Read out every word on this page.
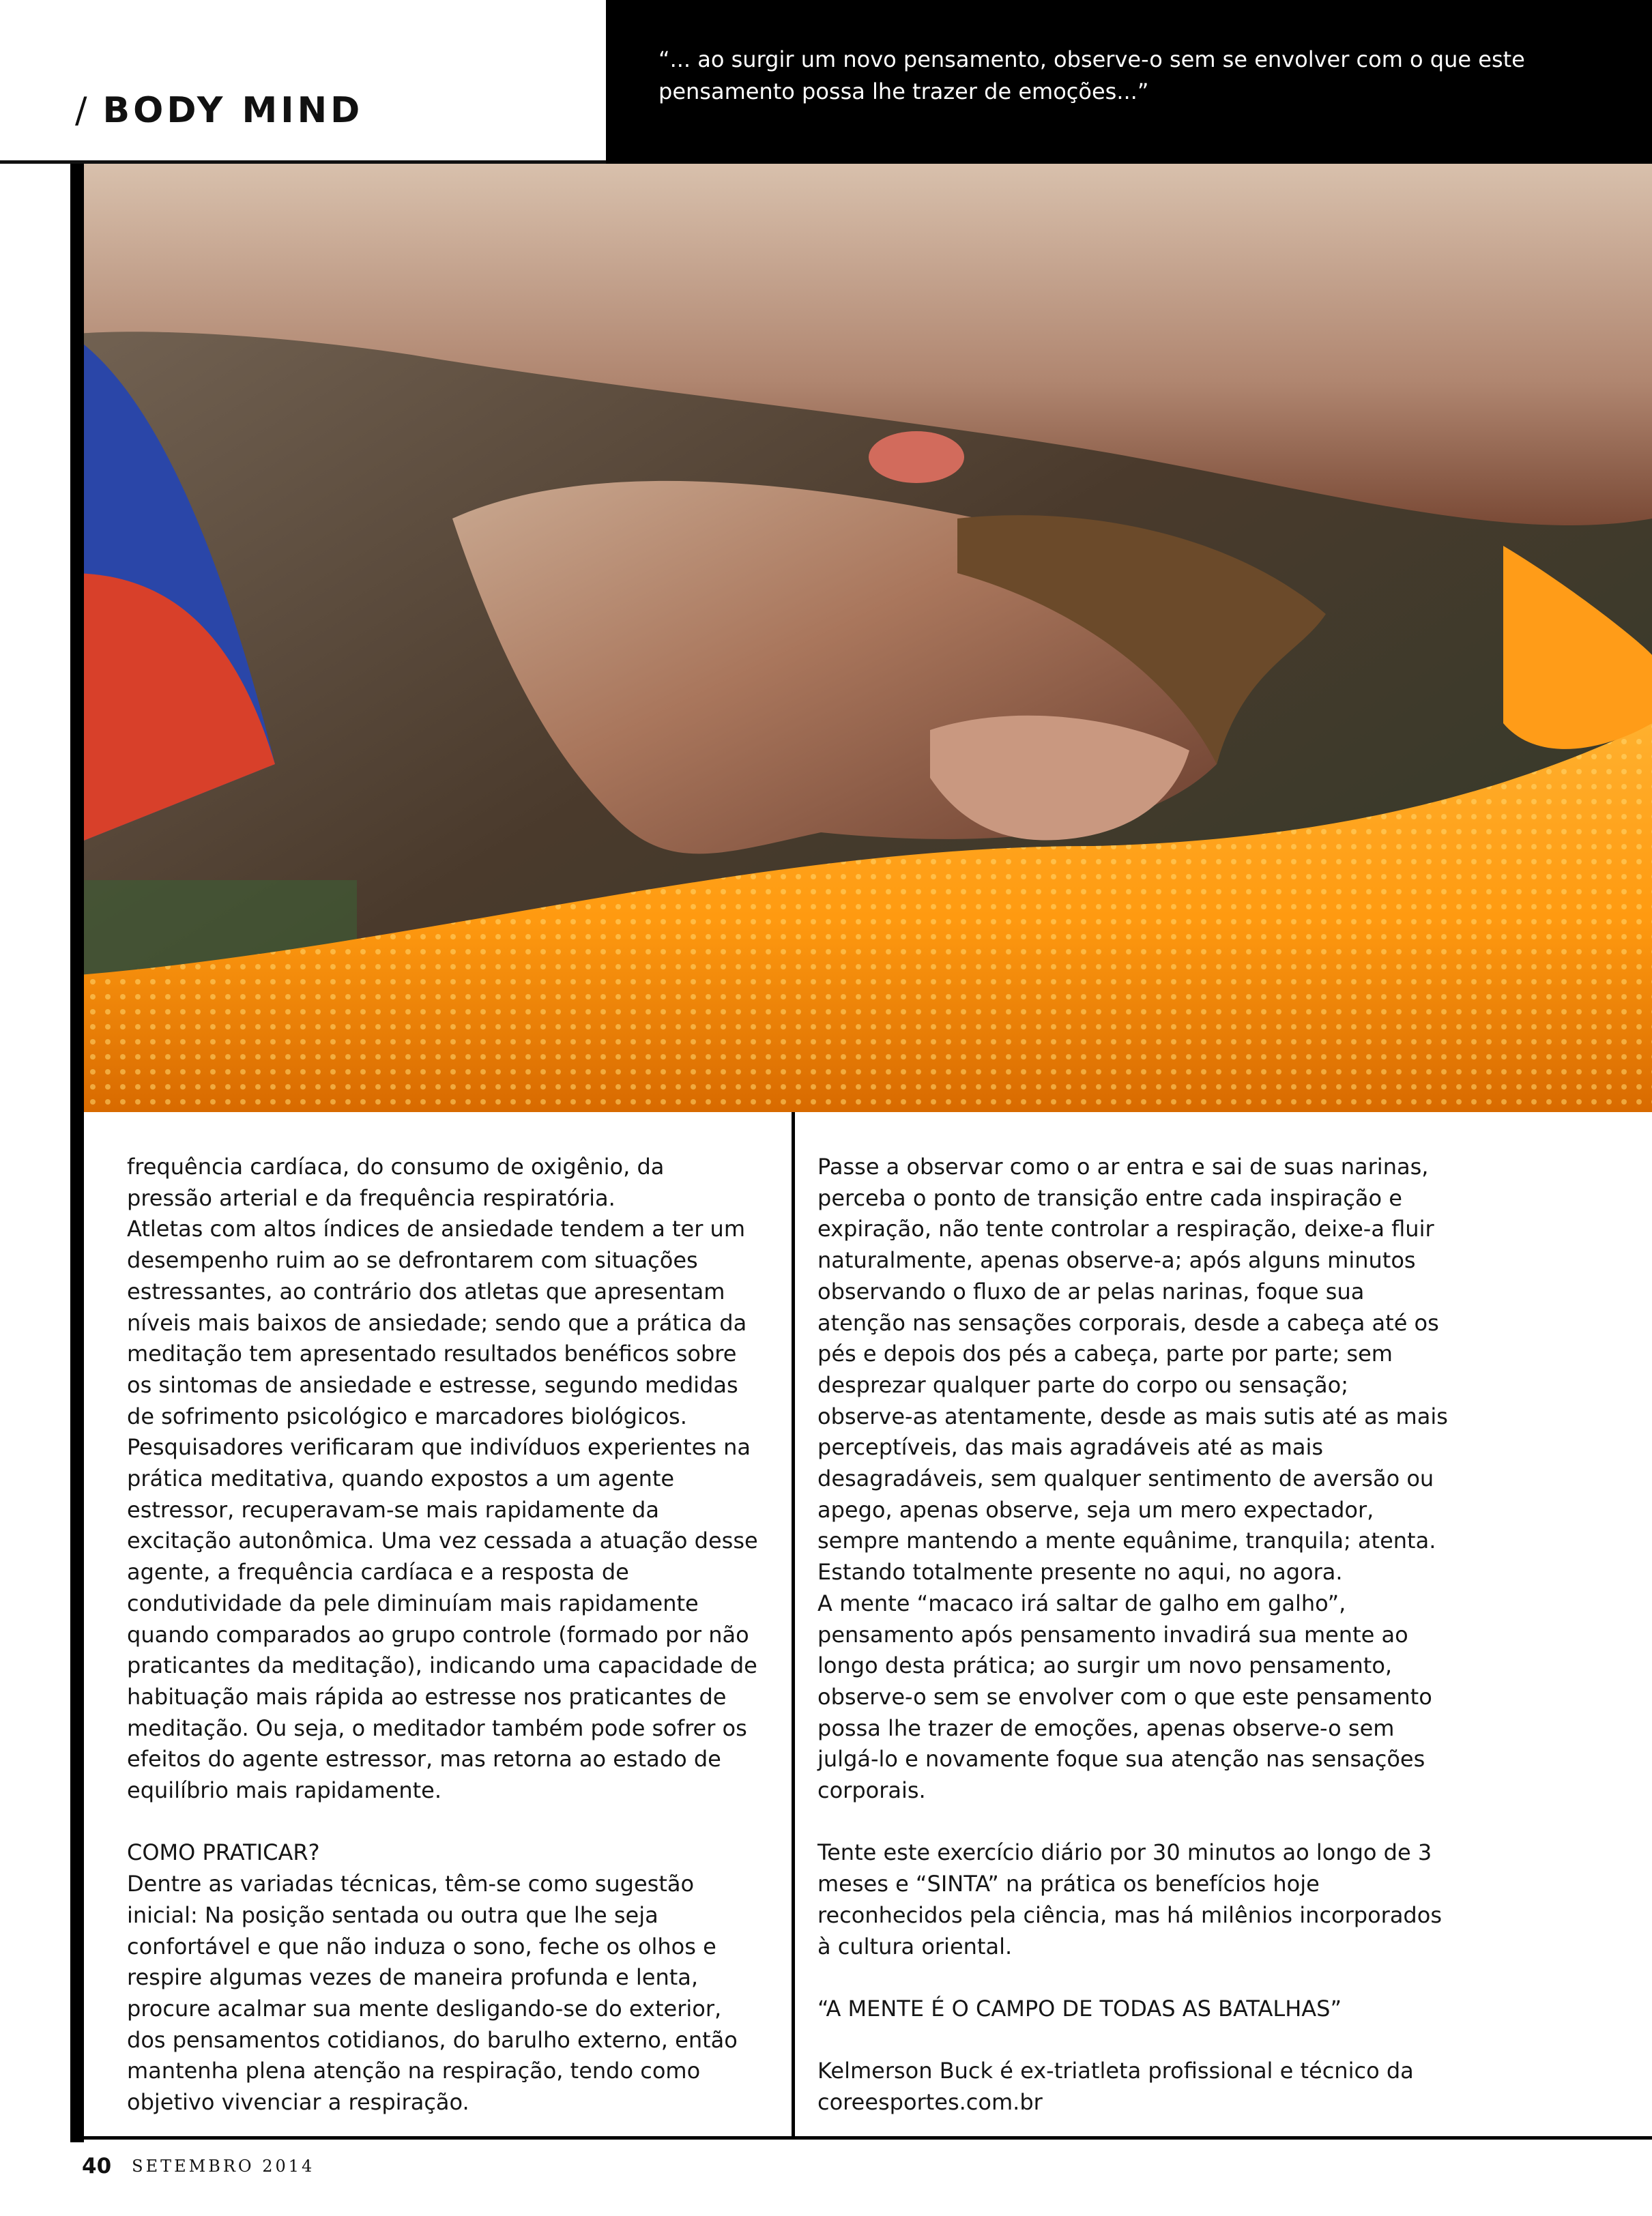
/ BODY MIND
“... ao surgir um novo pensamento, observe-o sem se envolver com o que este
pensamento possa lhe trazer de emoções...”

frequência cardíaca, do consumo de oxigênio, da

pressão arterial e da frequência respiratória.

Atletas com altos índices de ansiedade tendem a ter um

desempenho ruim ao se defrontarem com situações

estressantes, ao contrário dos atletas que apresentam

níveis mais baixos de ansiedade; sendo que a prática da

meditação tem apresentado resultados benéficos sobre

os sintomas de ansiedade e estresse, segundo medidas

de sofrimento psicológico e marcadores biológicos.

Pesquisadores verificaram que indivíduos experientes na

prática meditativa, quando expostos a um agente

estressor, recuperavam-se mais rapidamente da

excitação autonômica. Uma vez cessada a atuação desse

agente, a frequência cardíaca e a resposta de

condutividade da pele diminuíam mais rapidamente

quando comparados ao grupo controle (formado por não

praticantes da meditação), indicando uma capacidade de

habituação mais rápida ao estresse nos praticantes de

meditação. Ou seja, o meditador também pode sofrer os

efeitos do agente estressor, mas retorna ao estado de

equilíbrio mais rapidamente.

COMO PRATICAR?

Dentre as variadas técnicas, têm-se como sugestão

inicial: Na posição sentada ou outra que lhe seja

confortável e que não induza o sono, feche os olhos e

respire algumas vezes de maneira profunda e lenta,

procure acalmar sua mente desligando-se do exterior,

dos pensamentos cotidianos, do barulho externo, então

mantenha plena atenção na respiração, tendo como

objetivo vivenciar a respiração.

Passe a observar como o ar entra e sai de suas narinas,

perceba o ponto de transição entre cada inspiração e

expiração, não tente controlar a respiração, deixe-a fluir

naturalmente, apenas observe-a; após alguns minutos

observando o fluxo de ar pelas narinas, foque sua

atenção nas sensações corporais, desde a cabeça até os

pés e depois dos pés a cabeça, parte por parte; sem

desprezar qualquer parte do corpo ou sensação;

observe-as atentamente, desde as mais sutis até as mais

perceptíveis, das mais agradáveis até as mais

desagradáveis, sem qualquer sentimento de aversão ou

apego, apenas observe, seja um mero expectador,

sempre mantendo a mente equânime, tranquila; atenta.

Estando totalmente presente no aqui, no agora.

A mente “macaco irá saltar de galho em galho”,

pensamento após pensamento invadirá sua mente ao

longo desta prática; ao surgir um novo pensamento,

observe-o sem se envolver com o que este pensamento

possa lhe trazer de emoções, apenas observe-o sem

julgá-lo e novamente foque sua atenção nas sensações

corporais.

Tente este exercício diário por 30 minutos ao longo de 3

meses e “SINTA” na prática os benefícios hoje

reconhecidos pela ciência, mas há milênios incorporados

à cultura oriental.

“A MENTE É O CAMPO DE TODAS AS BATALHAS”

Kelmerson Buck é ex-triatleta profissional e técnico da

coreesportes.com.br

40 SETEMBRO 2014
